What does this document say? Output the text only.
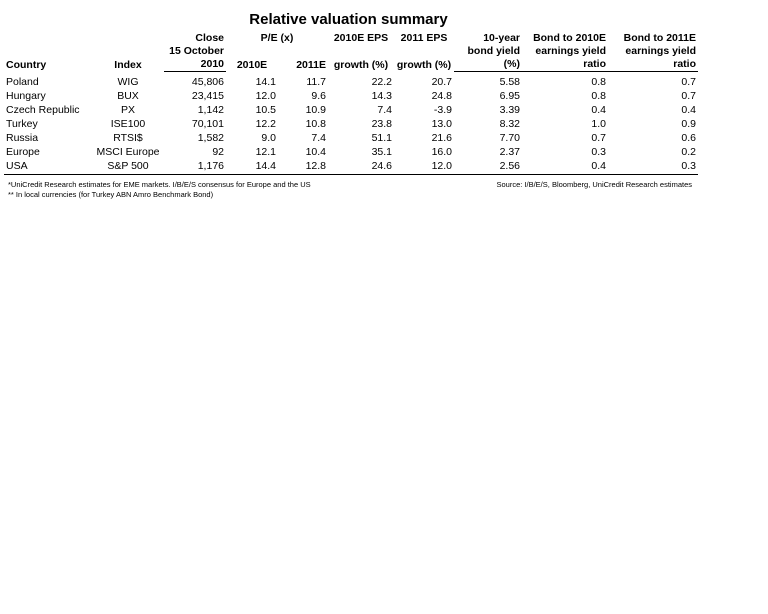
Relative valuation summary
Country	Index	Close	P/E (x)		2010E EPS	2011 EPS	10-year	Bond to 2010E	Bond to 2011E
		15 October	2010E	2011E	growth (%)	growth (%)	bond yield	earnings yield	earnings yield
		2010					(%)	ratio	ratio
Poland	WIG	45,806	14.1	11.7	22.2	20.7	5.58	0.8	0.7
Hungary	BUX	23,415	12.0	9.6	14.3	24.8	6.95	0.8	0.7
Czech Republic	PX	1,142	10.5	10.9	7.4	-3.9	3.39	0.4	0.4
Turkey	ISE100	70,101	12.2	10.8	23.8	13.0	8.32	1.0	0.9
Russia	RTSI$	1,582	9.0	7.4	51.1	21.6	7.70	0.7	0.6
Europe	MSCI Europe	92	12.1	10.4	35.1	16.0	2.37	0.3	0.2
USA	S&P 500	1,176	14.4	12.8	24.6	12.0	2.56	0.4	0.3
*UniCredit Research estimates for EME markets. I/B/E/S consensus for Europe and the US
** In local currencies (for Turkey ABN Amro Benchmark Bond)
Source: I/B/E/S, Bloomberg, UniCredit Research estimates
